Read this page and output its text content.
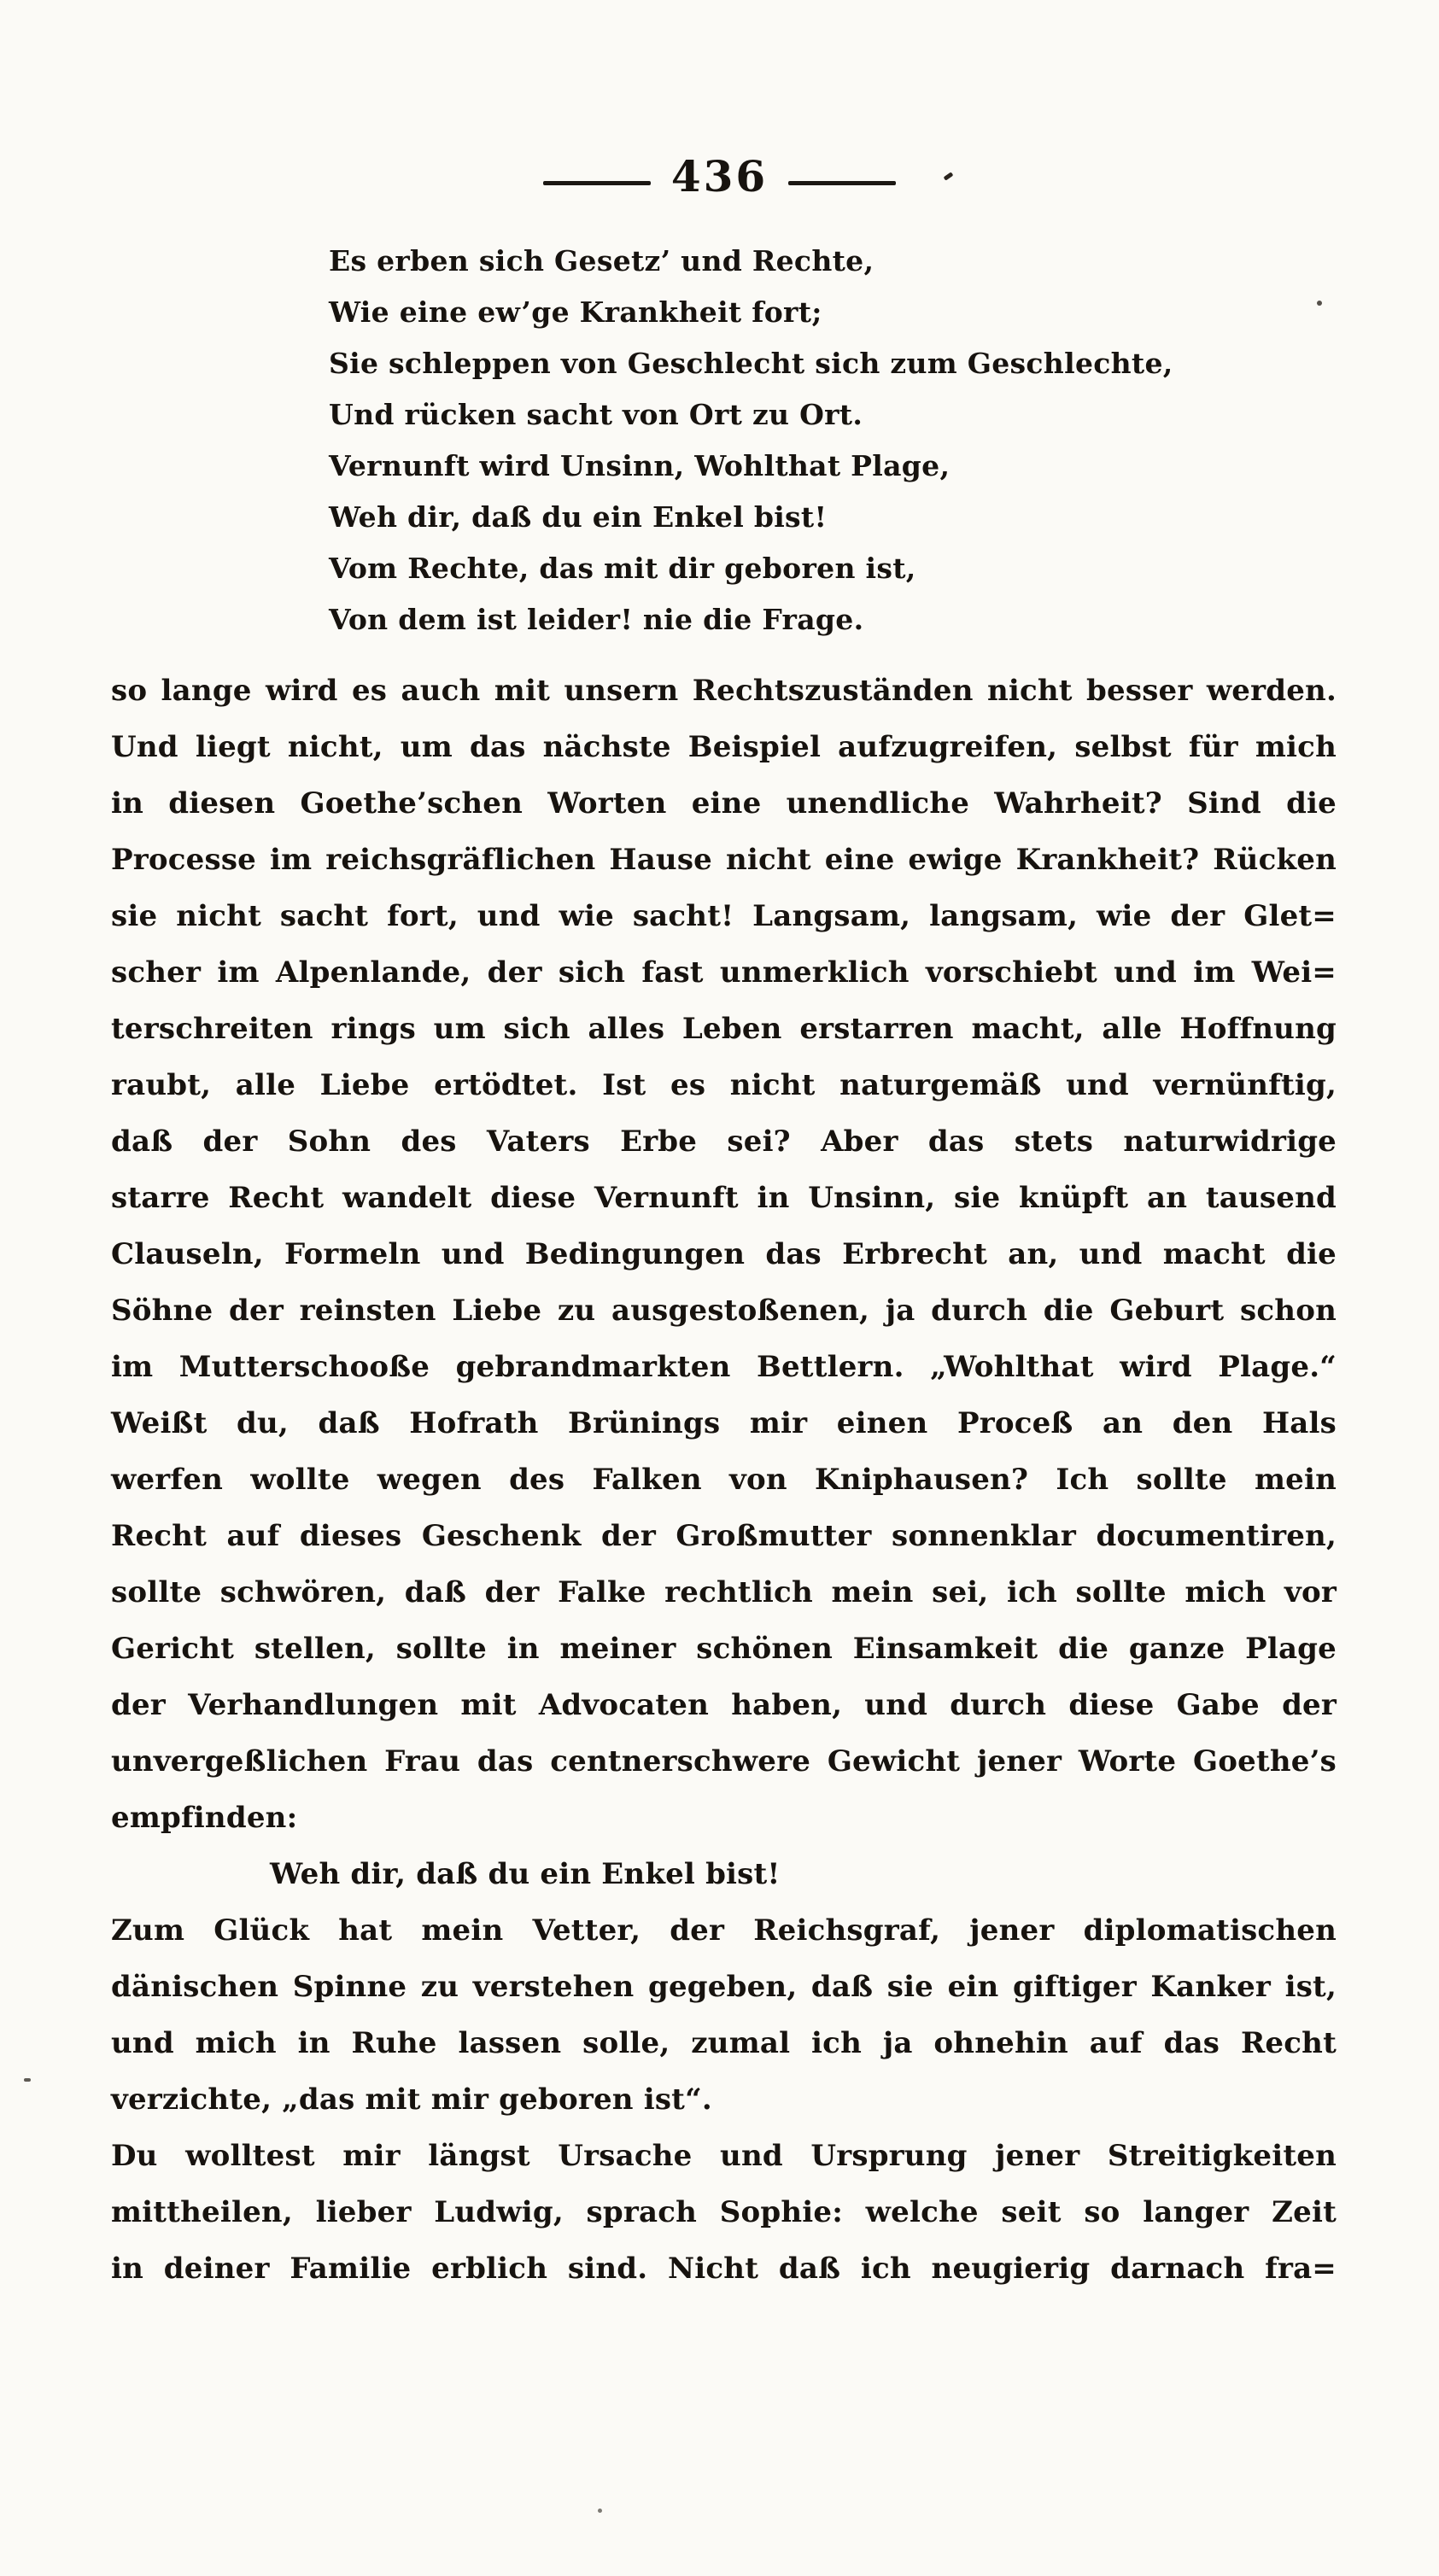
436
Es erben sich Gesetz’ und Rechte,
Wie eine ew’ge Krankheit fort;
Sie schleppen von Geschlecht sich zum Geschlechte,
Und rücken sacht von Ort zu Ort.
Vernunft wird Unsinn, Wohlthat Plage,
Weh dir, daß du ein Enkel bist!
Vom Rechte, das mit dir geboren ist,
Von dem ist leider! nie die Frage.
so lange wird es auch mit unsern Rechtszuständen nicht besser werden.
Und liegt nicht, um das nächste Beispiel aufzugreifen, selbst für mich
in diesen Goethe’schen Worten eine unendliche Wahrheit? Sind die
Processe im reichsgräflichen Hause nicht eine ewige Krankheit? Rücken
sie nicht sacht fort, und wie sacht! Langsam, langsam, wie der Glet=
scher im Alpenlande, der sich fast unmerklich vorschiebt und im Wei=
terschreiten rings um sich alles Leben erstarren macht, alle Hoffnung
raubt, alle Liebe ertödtet. Ist es nicht naturgemäß und vernünftig,
daß der Sohn des Vaters Erbe sei? Aber das stets naturwidrige
starre Recht wandelt diese Vernunft in Unsinn, sie knüpft an tausend
Clauseln, Formeln und Bedingungen das Erbrecht an, und macht die
Söhne der reinsten Liebe zu ausgestoßenen, ja durch die Geburt schon
im Mutterschooße gebrandmarkten Bettlern. „Wohlthat wird Plage.“
Weißt du, daß Hofrath Brünings mir einen Proceß an den Hals
werfen wollte wegen des Falken von Kniphausen? Ich sollte mein
Recht auf dieses Geschenk der Großmutter sonnenklar documentiren,
sollte schwören, daß der Falke rechtlich mein sei, ich sollte mich vor
Gericht stellen, sollte in meiner schönen Einsamkeit die ganze Plage
der Verhandlungen mit Advocaten haben, und durch diese Gabe der
unvergeßlichen Frau das centnerschwere Gewicht jener Worte Goethe’s
empfinden:
Weh dir, daß du ein Enkel bist!
Zum Glück hat mein Vetter, der Reichsgraf, jener diplomatischen
dänischen Spinne zu verstehen gegeben, daß sie ein giftiger Kanker ist,
und mich in Ruhe lassen solle, zumal ich ja ohnehin auf das Recht
verzichte, „das mit mir geboren ist“.
Du wolltest mir längst Ursache und Ursprung jener Streitigkeiten
mittheilen, lieber Ludwig, sprach Sophie: welche seit so langer Zeit
in deiner Familie erblich sind. Nicht daß ich neugierig darnach fra=
